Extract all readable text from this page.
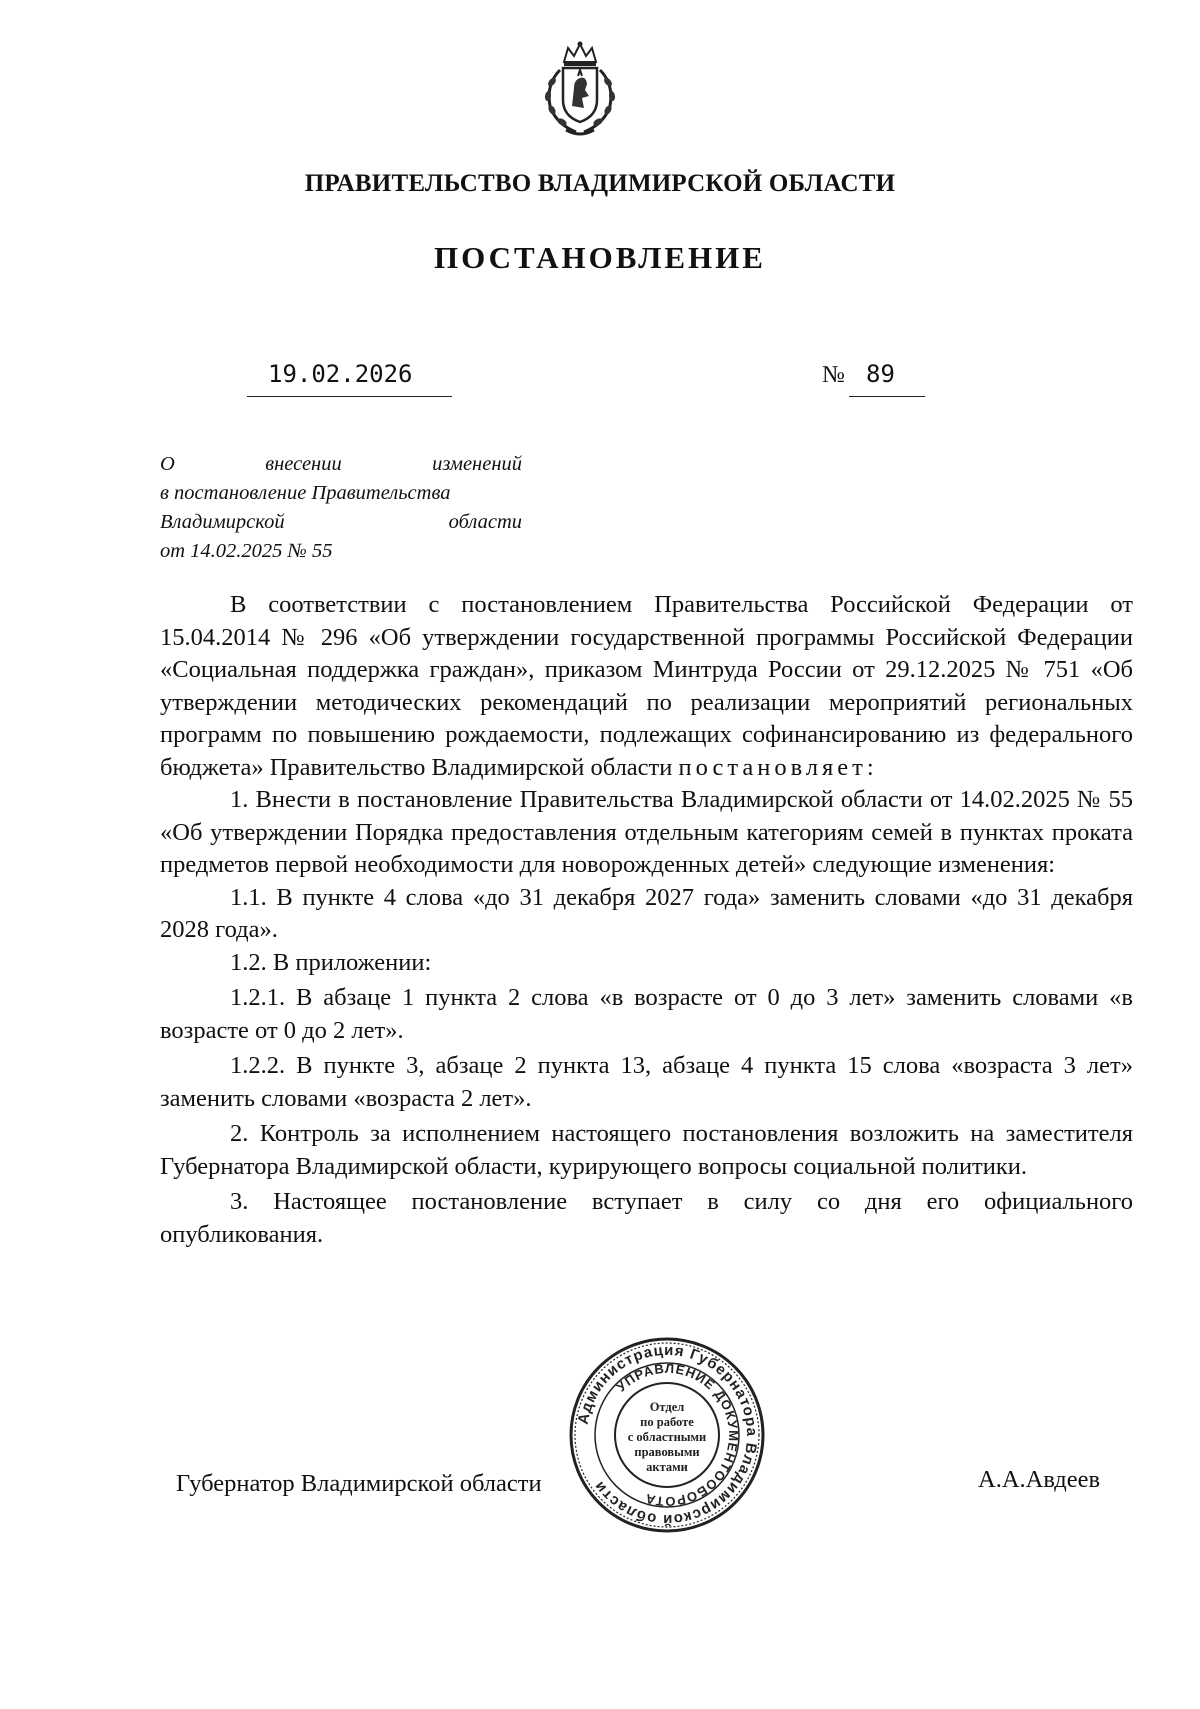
ПРАВИТЕЛЬСТВО ВЛАДИМИРСКОЙ ОБЛАСТИ
ПОСТАНОВЛЕНИЕ
19.02.2026	№ 89
О	внесении	изменений
в постановление Правительства
Владимирской	области
от 14.02.2025 № 55

В соответствии с постановлением Правительства Российской Федерации от 15.04.2014 № 296 «Об утверждении государственной программы Российской Федерации «Социальная поддержка граждан», приказом Минтруда России от 29.12.2025 № 751 «Об утверждении методических рекомендаций по реализации мероприятий региональных программ по повышению рождаемости, подлежащих софинансированию из федерального бюджета» Правительство Владимирской области постановляет:

1. Внести в постановление Правительства Владимирской области от 14.02.2025 № 55 «Об утверждении Порядка предоставления отдельным категориям семей в пунктах проката предметов первой необходимости для новорожденных детей» следующие изменения:

1.1. В пункте 4 слова «до 31 декабря 2027 года» заменить словами «до 31 декабря 2028 года».

1.2. В приложении:

1.2.1. В абзаце 1 пункта 2 слова «в возрасте от 0 до 3 лет» заменить словами «в возрасте от 0 до 2 лет».

1.2.2. В пункте 3, абзаце 2 пункта 13, абзаце 4 пункта 15 слова «возраста 3 лет» заменить словами «возраста 2 лет».

2. Контроль за исполнением настоящего постановления возложить на заместителя Губернатора Владимирской области, курирующего вопросы социальной политики.

3. Настоящее постановление вступает в силу со дня его официального опубликования.

Губернатор Владимирской области	А.А.Авдеев
Администрация Губернатора Владимирской области
УПРАВЛЕНИЕ ДОКУМЕНТООБОРОТА
Отдел
по работе
с областными
правовыми
актами
